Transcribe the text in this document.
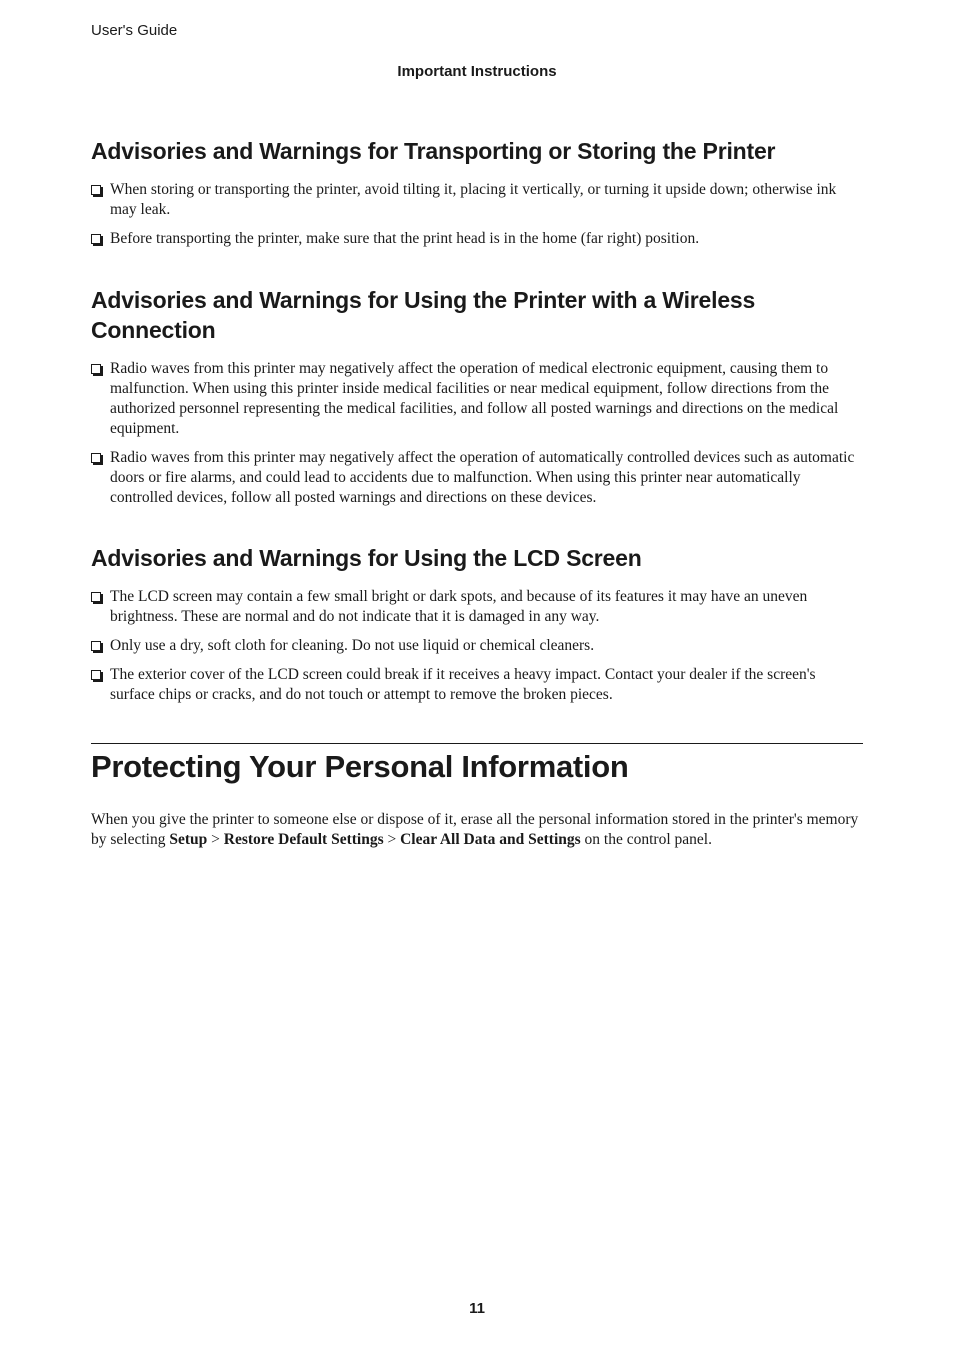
User's Guide
Important Instructions
Advisories and Warnings for Transporting or Storing the Printer
When storing or transporting the printer, avoid tilting it, placing it vertically, or turning it upside down; otherwise ink may leak.
Before transporting the printer, make sure that the print head is in the home (far right) position.
Advisories and Warnings for Using the Printer with a Wireless Connection
Radio waves from this printer may negatively affect the operation of medical electronic equipment, causing them to malfunction. When using this printer inside medical facilities or near medical equipment, follow directions from the authorized personnel representing the medical facilities, and follow all posted warnings and directions on the medical equipment.
Radio waves from this printer may negatively affect the operation of automatically controlled devices such as automatic doors or fire alarms, and could lead to accidents due to malfunction. When using this printer near automatically controlled devices, follow all posted warnings and directions on these devices.
Advisories and Warnings for Using the LCD Screen
The LCD screen may contain a few small bright or dark spots, and because of its features it may have an uneven brightness. These are normal and do not indicate that it is damaged in any way.
Only use a dry, soft cloth for cleaning. Do not use liquid or chemical cleaners.
The exterior cover of the LCD screen could break if it receives a heavy impact. Contact your dealer if the screen's surface chips or cracks, and do not touch or attempt to remove the broken pieces.
Protecting Your Personal Information

When you give the printer to someone else or dispose of it, erase all the personal information stored in the printer's memory by selecting Setup > Restore Default Settings > Clear All Data and Settings on the control panel.

11
